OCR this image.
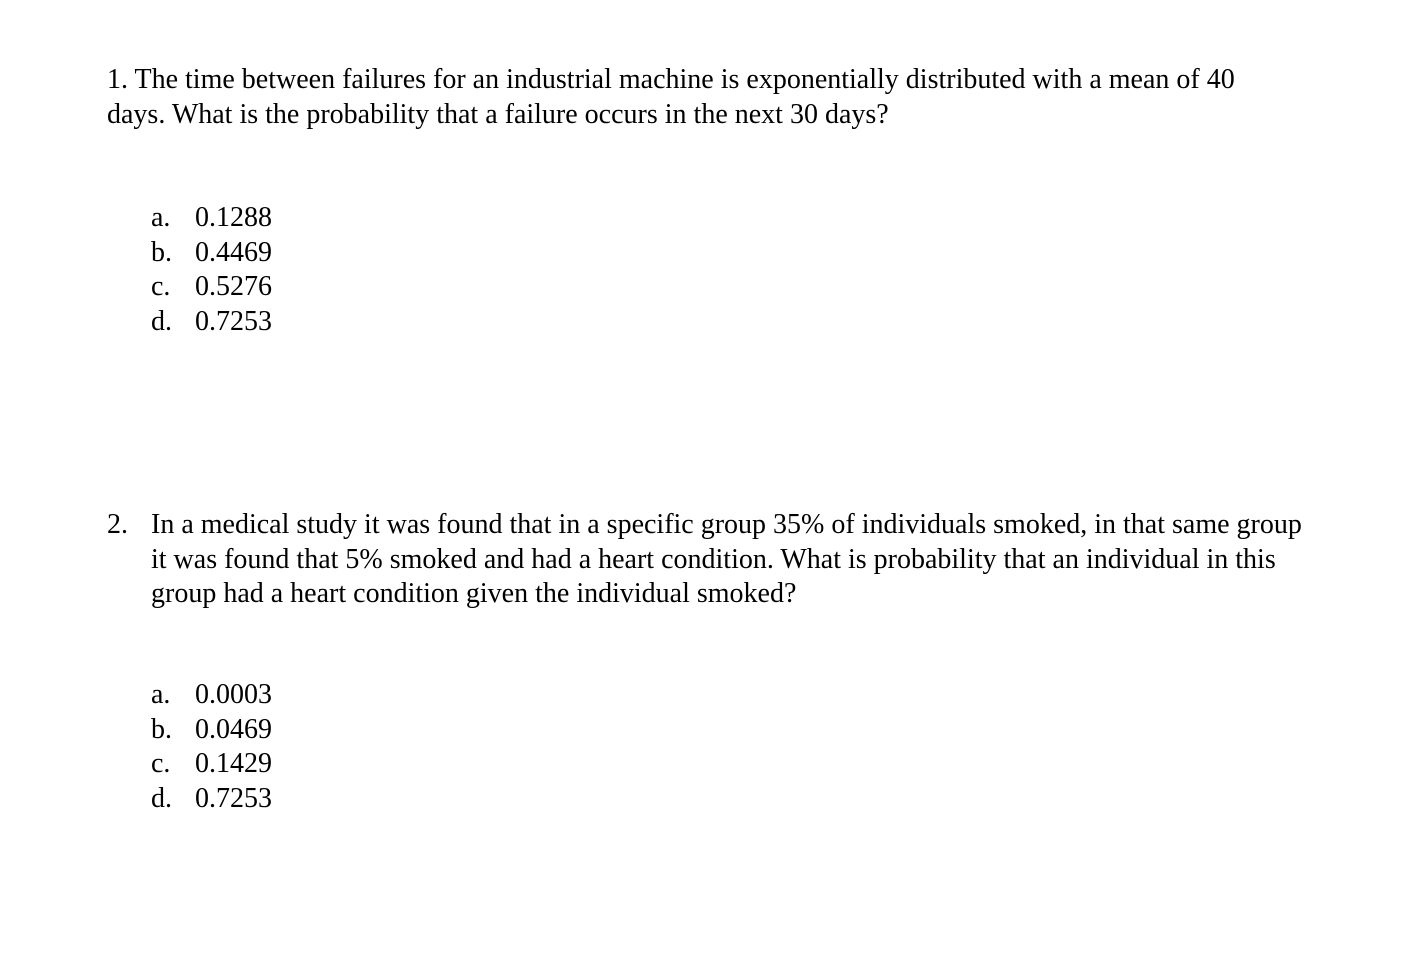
1. The time between failures for an industrial machine is exponentially distributed with a mean of 40 days. What is the probability that a failure occurs in the next 30 days?

a. 0.1288
b. 0.4469
c. 0.5276
d. 0.7253
2. In a medical study it was found that in a specific group 35% of individuals smoked, in that same group it was found that 5% smoked and had a heart condition. What is probability that an individual in this group had a heart condition given the individual smoked?

a. 0.0003
b. 0.0469
c. 0.1429
d. 0.7253
